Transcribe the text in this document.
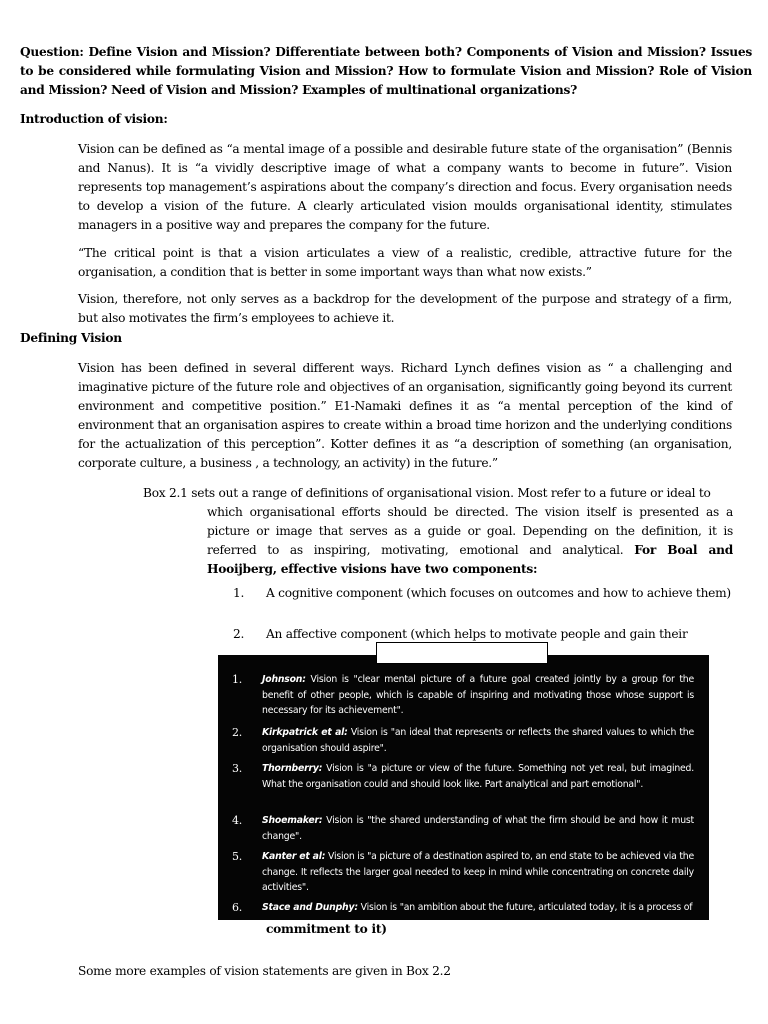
Question: Define Vision and Mission? Differentiate between both? Components of Vision and Mission? Issues to be considered while formulating Vision and Mission? How to formulate Vision and Mission? Role of Vision and Mission? Need of Vision and Mission? Examples of multinational organizations?
Introduction of vision:
Vision can be defined as “a mental image of a possible and desirable future state of the organisation” (Bennis and Nanus). It is “a vividly descriptive image of what a company wants to become in future”. Vision represents top management’s aspirations about the company’s direction and focus. Every organisation needs to develop a vision of the future. A clearly articulated vision moulds organisational identity, stimulates managers in a positive way and prepares the company for the future.
“The critical point is that a vision articulates a view of a realistic, credible, attractive future for the organisation, a condition that is better in some important ways than what now exists.”
Vision, therefore, not only serves as a backdrop for the development of the purpose and strategy of a firm, but also motivates the firm’s employees to achieve it.
Defining Vision
Vision has been defined in several different ways. Richard Lynch defines vision as “ a challenging and imaginative picture of the future role and objectives of an organisation, significantly going beyond its current environment and competitive position.” E1-Namaki defines it as “a mental perception of the kind of environment that an organisation aspires to create within a broad time horizon and the underlying conditions for the actualization of this perception”. Kotter defines it as “a description of something (an organisation, corporate culture, a business , a technology, an activity) in the future.”
Box 2.1 sets out a range of definitions of organisational vision. Most refer to a future or ideal to
which organisational efforts should be directed. The vision itself is presented as a picture or image that serves as a guide or goal. Depending on the definition, it is referred to as inspiring, motivating, emotional and analytical. For Boal and Hooijberg, effective visions have two components:
1.	A cognitive component (which focuses on outcomes and how to achieve them)
2.	An affective component (which helps to motivate people and gain their
1. Johnson: Vision is "clear mental picture of a future goal created jointly by a group for the benefit of other people, which is capable of inspiring and motivating those whose support is necessary for its achievement".
2. Kirkpatrick et al: Vision is "an ideal that represents or reflects the shared values to which the organisation should aspire".
3. Thornberry: Vision is "a picture or view of the future. Something not yet real, but imagined. What the organisation could and should look like. Part analytical and part emotional".
4. Shoemaker: Vision is "the shared understanding of what the firm should be and how it must change".
5. Kanter et al: Vision is "a picture of a destination aspired to, an end state to be achieved via the change. It reflects the larger goal needed to keep in mind while concentrating on concrete daily activities".
6. Stace and Dunphy: Vision is "an ambition about the future, articulated today, it is a process of
commitment to it)
Some more examples of vision statements are given in Box 2.2
